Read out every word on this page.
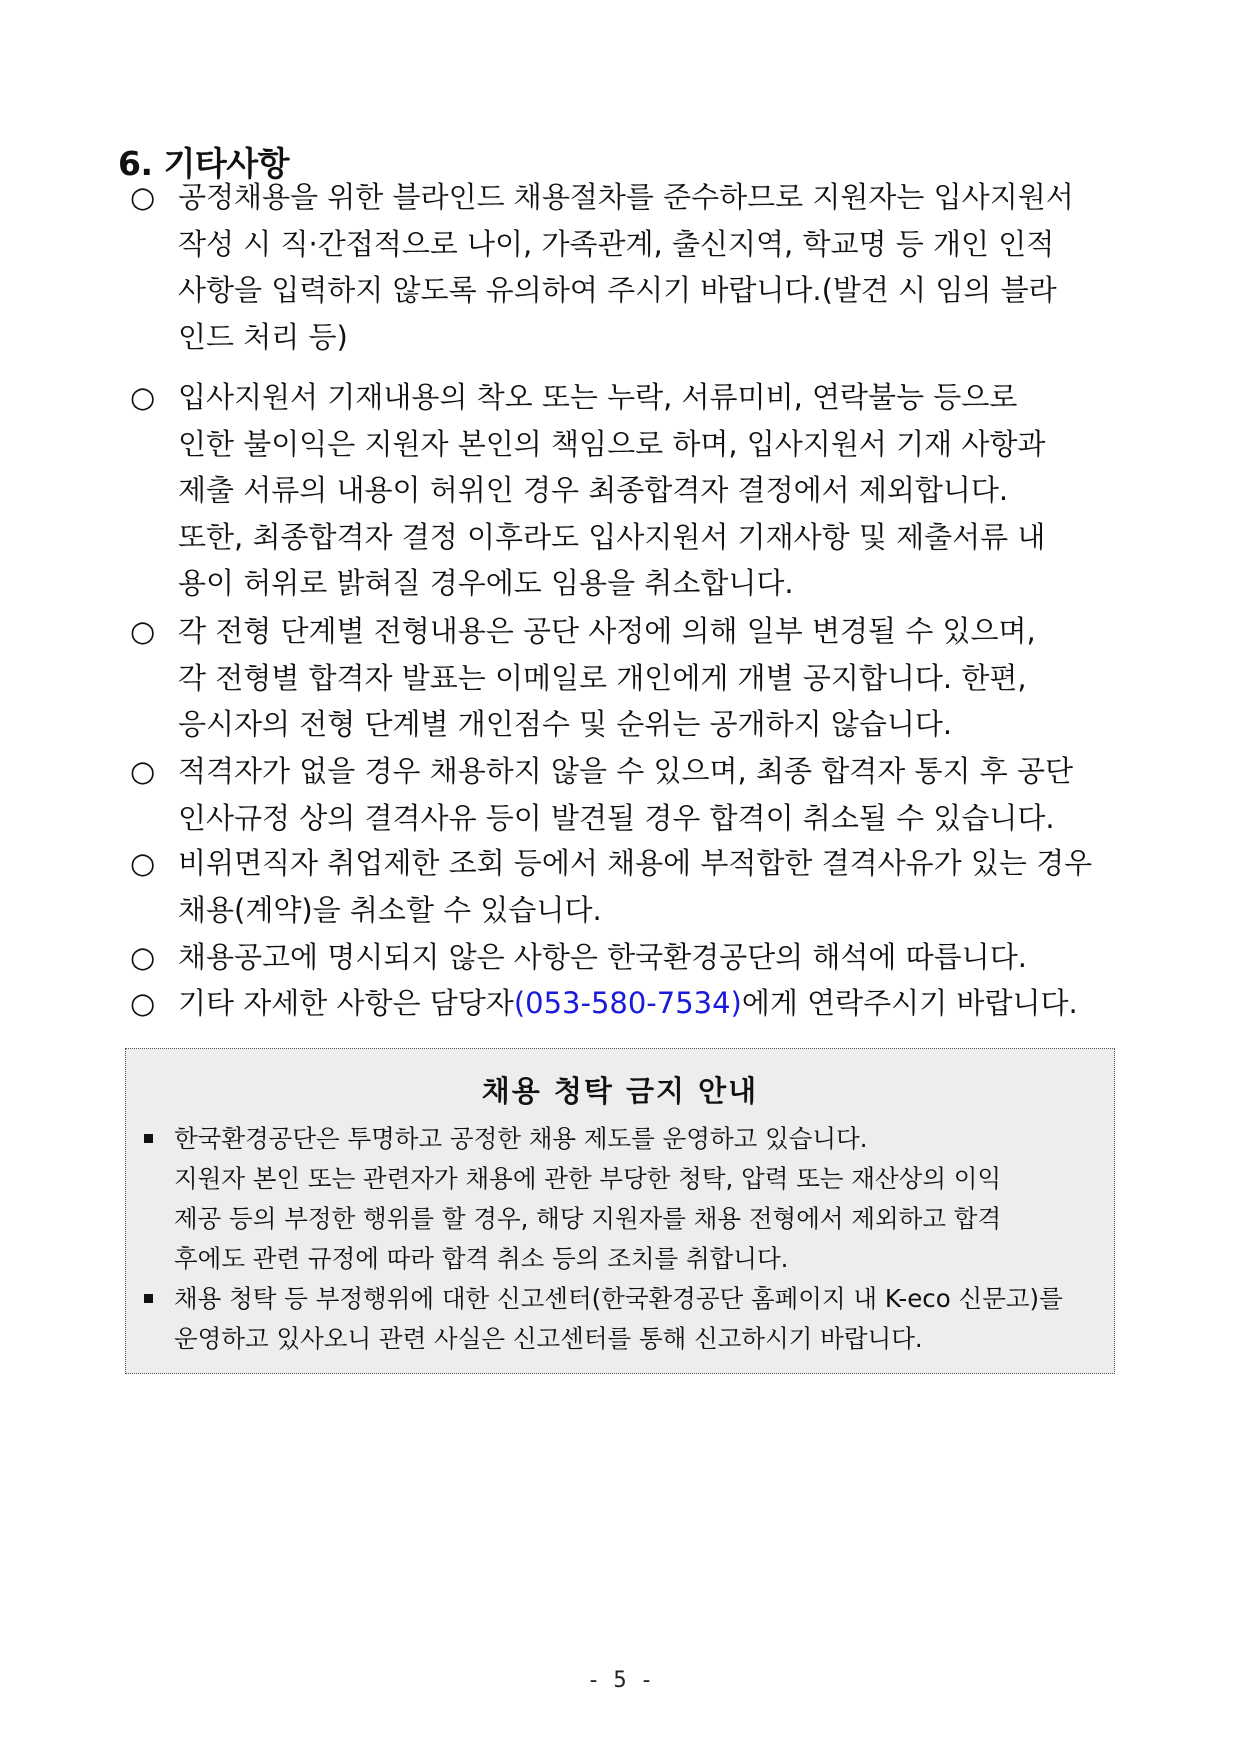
6. 기타사항
○ 공정채용을 위한 블라인드 채용절차를 준수하므로 지원자는 입사지원서
작성 시 직·간접적으로 나이, 가족관계, 출신지역, 학교명 등 개인 인적
사항을 입력하지 않도록 유의하여 주시기 바랍니다.(발견 시 임의 블라
인드 처리 등)
○ 입사지원서 기재내용의 착오 또는 누락, 서류미비, 연락불능 등으로
인한 불이익은 지원자 본인의 책임으로 하며, 입사지원서 기재 사항과
제출 서류의 내용이 허위인 경우 최종합격자 결정에서 제외합니다.
또한, 최종합격자 결정 이후라도 입사지원서 기재사항 및 제출서류 내
용이 허위로 밝혀질 경우에도 임용을 취소합니다.
○ 각 전형 단계별 전형내용은 공단 사정에 의해 일부 변경될 수 있으며,
각 전형별 합격자 발표는 이메일로 개인에게 개별 공지합니다. 한편,
응시자의 전형 단계별 개인점수 및 순위는 공개하지 않습니다.
○ 적격자가 없을 경우 채용하지 않을 수 있으며, 최종 합격자 통지 후 공단
인사규정 상의 결격사유 등이 발견될 경우 합격이 취소될 수 있습니다.
○ 비위면직자 취업제한 조회 등에서 채용에 부적합한 결격사유가 있는 경우
채용(계약)을 취소할 수 있습니다.
○ 채용공고에 명시되지 않은 사항은 한국환경공단의 해석에 따릅니다.
○ 기타 자세한 사항은 담당자(053-580-7534)에게 연락주시기 바랍니다.
채용 청탁 금지 안내
한국환경공단은 투명하고 공정한 채용 제도를 운영하고 있습니다.
지원자 본인 또는 관련자가 채용에 관한 부당한 청탁, 압력 또는 재산상의 이익
제공 등의 부정한 행위를 할 경우, 해당 지원자를 채용 전형에서 제외하고 합격
후에도 관련 규정에 따라 합격 취소 등의 조치를 취합니다.
채용 청탁 등 부정행위에 대한 신고센터(한국환경공단 홈페이지 내 K-eco 신문고)를
운영하고 있사오니 관련 사실은 신고센터를 통해 신고하시기 바랍니다.
- 5 -
